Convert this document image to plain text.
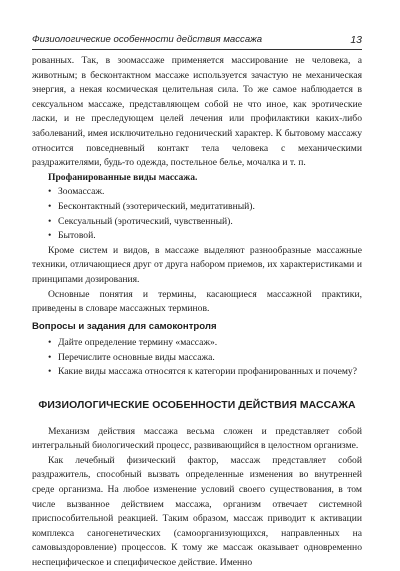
Физиологические особенности действия массажа	13

рованных. Так, в зоомассаже применяется массирование не человека, а животным; в бесконтактном массаже используется зачастую не механическая энергия, а некая космическая целительная сила. То же самое наблюдается в сексуальном массаже, представляющем собой не что иное, как эротические ласки, и не преследующем целей лечения или профилактики каких-либо заболеваний, имея исключительно гедонический характер. К бытовому массажу относится повседневный контакт тела человека с механическими раздражителями, будь-то одежда, постельное белье, мочалка и т. п.

Профанированные виды массажа.

• Зоомассаж.
• Бесконтактный (эзотерический, медитативный).
• Сексуальный (эротический, чувственный).
• Бытовой.

Кроме систем и видов, в массаже выделяют разнообразные массажные техники, отличающиеся друг от друга набором приемов, их характеристиками и принципами дозирования.

Основные понятия и термины, касающиеся массажной практики, приведены в словаре массажных терминов.

Вопросы и задания для самоконтроля
• Дайте определение термину «массаж».
• Перечислите основные виды массажа.
• Какие виды массажа относятся к категории профанированных и почему?
ФИЗИОЛОГИЧЕСКИЕ ОСОБЕННОСТИ ДЕЙСТВИЯ МАССАЖА

Механизм действия массажа весьма сложен и представляет собой интегральный биологический процесс, развивающийся в целостном организме.

Как лечебный физический фактор, массаж представляет собой раздражитель, способный вызвать определенные изменения во внутренней среде организма. На любое изменение условий своего существования, в том числе вызванное действием массажа, организм отвечает системной приспособительной реакцией. Таким образом, массаж приводит к активации комплекса саногенетических (самоорганизующихся, направленных на самовыздоровление) процессов. К тому же массаж оказывает одновременно неспецифическое и специфическое действие. Именно
